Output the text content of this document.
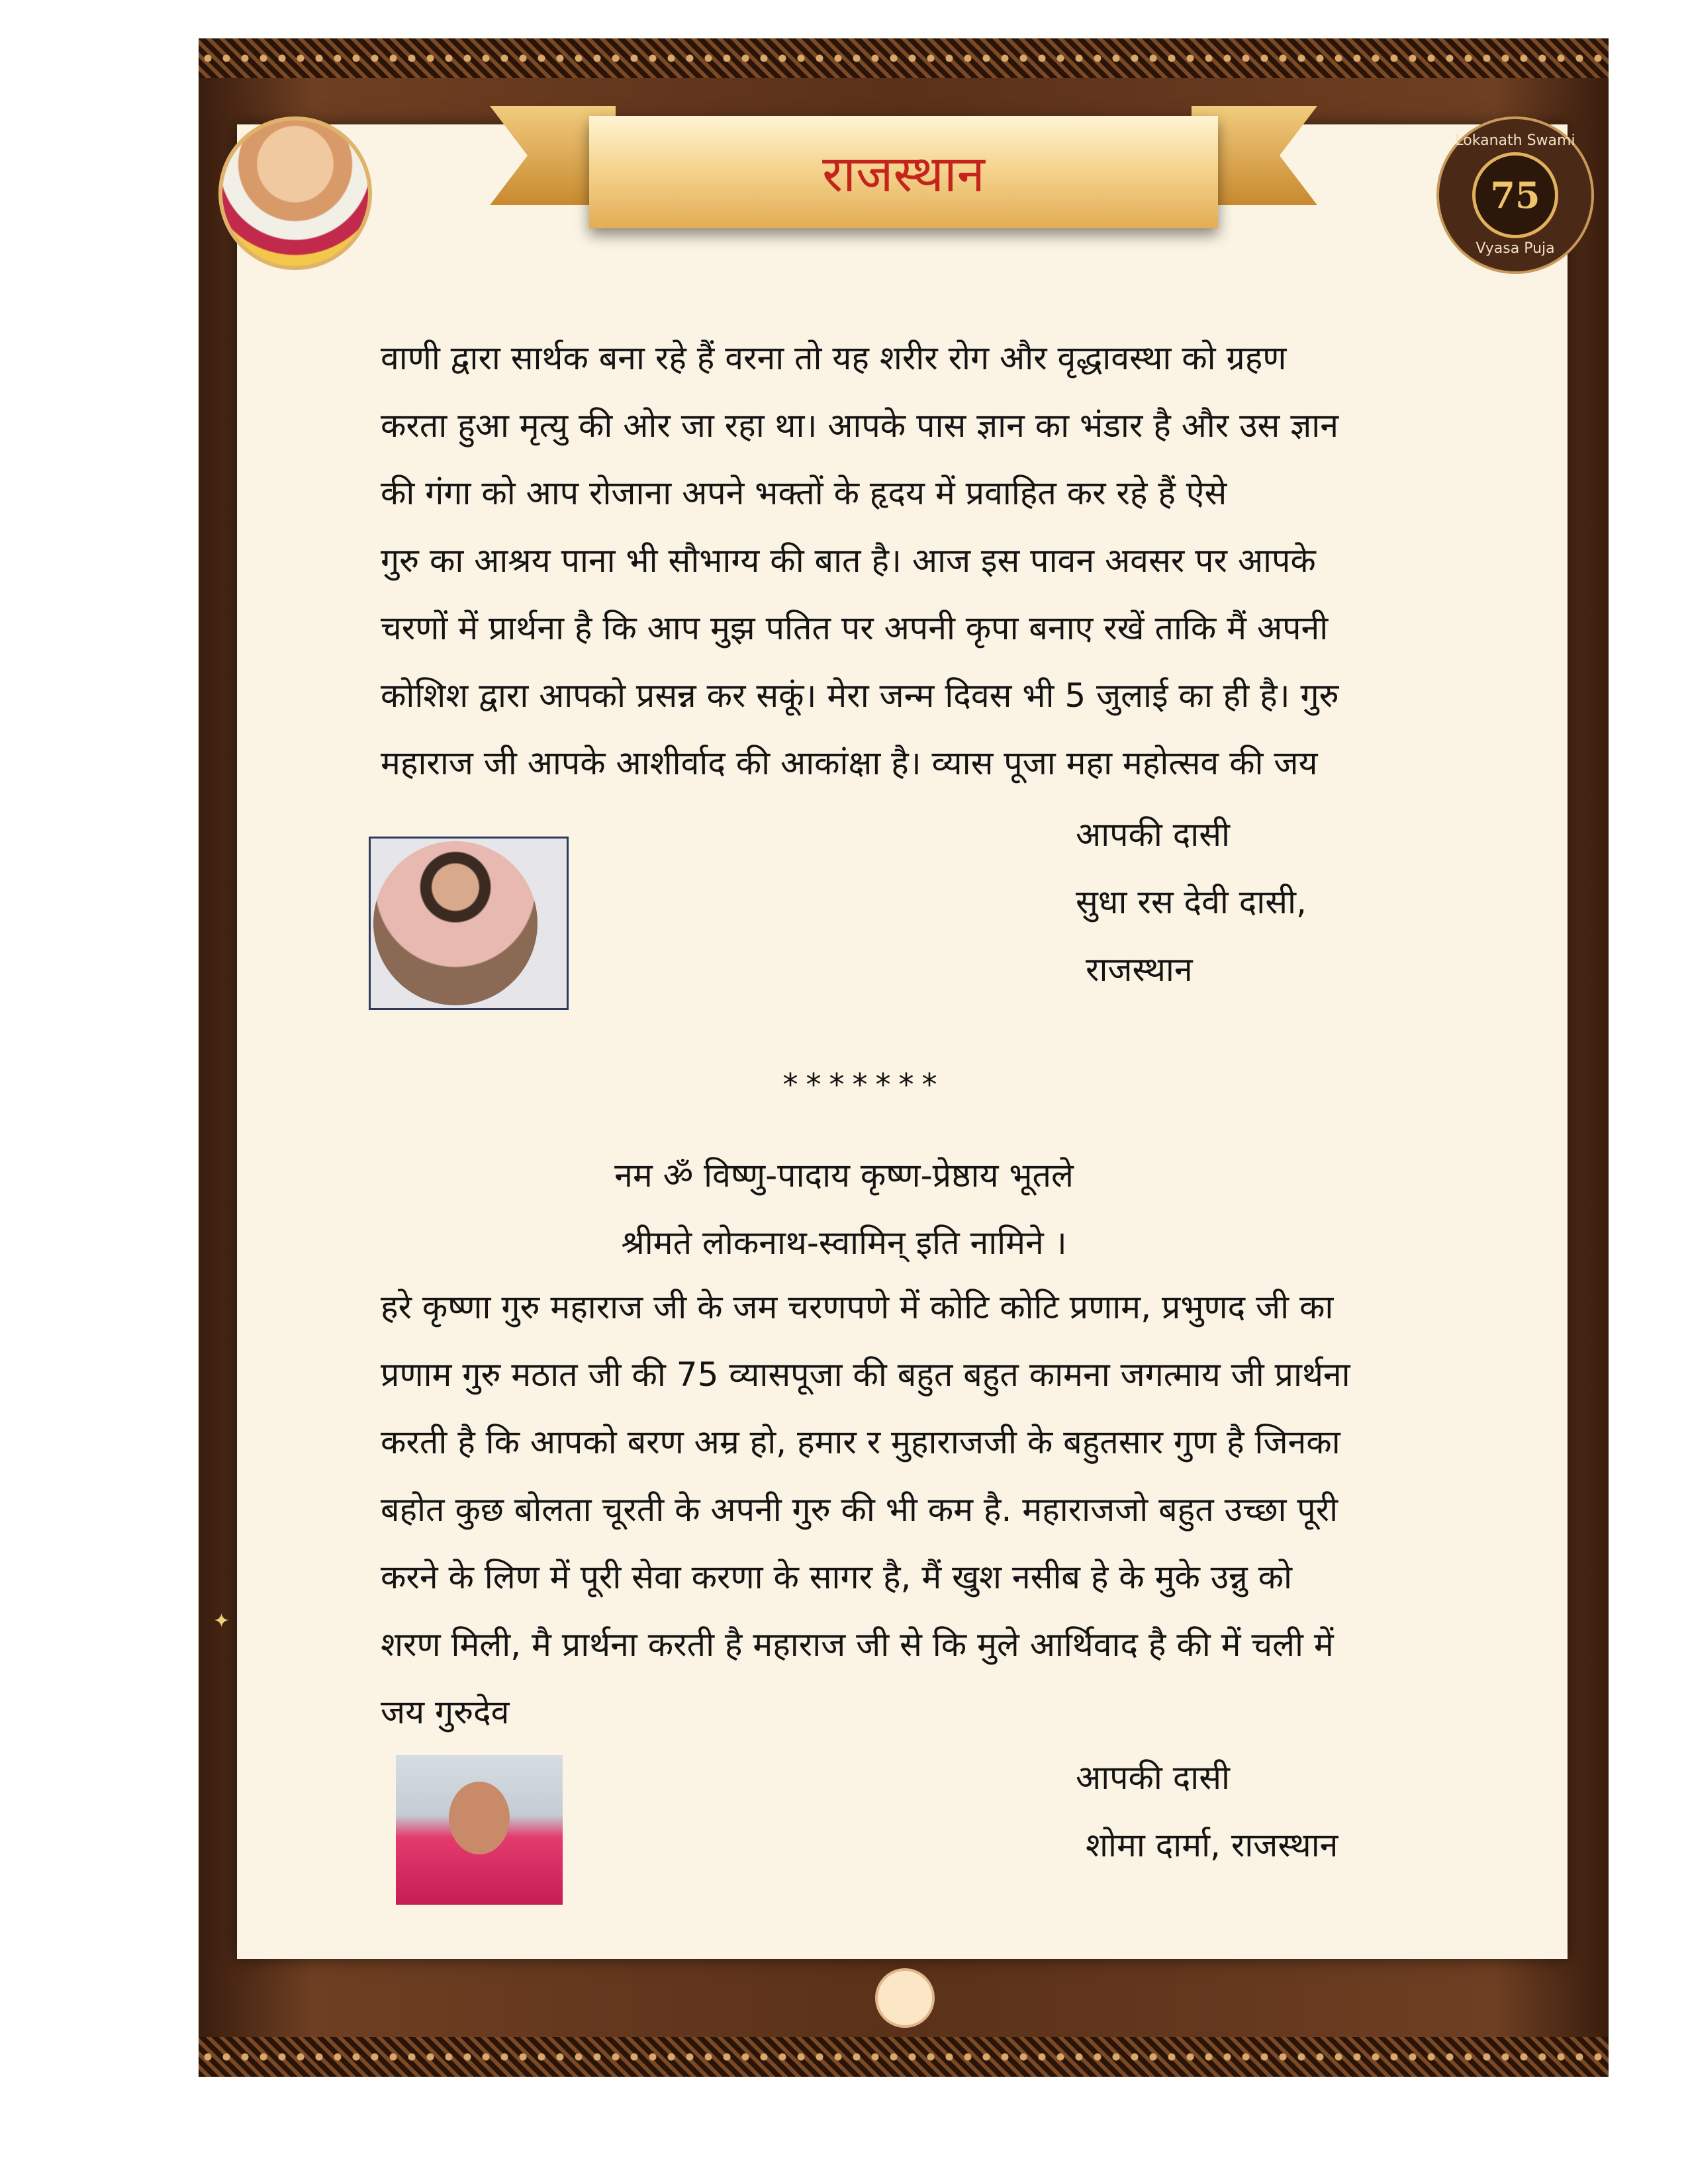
राजस्थान
Lokanath Swami
75
Vyasa Puja
वाणी द्वारा सार्थक बना रहे हैं वरना तो यह शरीर रोग और वृद्धावस्था को ग्रहण
करता हुआ मृत्यु की ओर जा रहा था। आपके पास ज्ञान का भंडार है और उस ज्ञान
की गंगा को आप रोजाना अपने भक्तों के हृदय में प्रवाहित कर रहे हैं ऐसे
गुरु का आश्रय पाना भी सौभाग्य की बात है। आज इस पावन अवसर पर आपके
चरणों में प्रार्थना है कि आप मुझ पतित पर अपनी कृपा बनाए रखें ताकि मैं अपनी
कोशिश द्वारा आपको प्रसन्न कर सकूं। मेरा जन्म दिवस भी 5 जुलाई का ही है। गुरु
महाराज जी आपके आशीर्वाद की आकांक्षा है। व्यास पूजा महा महोत्सव की जय
आपकी दासी
सुधा रस देवी दासी,
राजस्थान
*******
नम ॐ विष्णु-पादाय कृष्ण-प्रेष्ठाय भूतले
श्रीमते लोकनाथ-स्वामिन् इति नामिने ।
हरे कृष्णा गुरु महाराज जी के जम चरणपणे में कोटि कोटि प्रणाम, प्रभुणद जी का
प्रणाम गुरु मठात जी की 75 व्यासपूजा की बहुत बहुत कामना जगत्माय जी प्रार्थना
करती है कि आपको बरण अम्र हो, हमार र मुहाराजजी के बहुतसार गुण है जिनका
बहोत कुछ बोलता चूरती के अपनी गुरु की भी कम है. महाराजजो बहुत उच्छा पूरी
करने के लिण में पूरी सेवा करणा के सागर है, मैं खुश नसीब हे के मुके उन्नु को
शरण मिली, मै प्रार्थना करती है महाराज जी से कि मुले आर्थिवाद है की में चली में
जय गुरुदेव
आपकी दासी
शोमा दार्मा, राजस्थान
✦
